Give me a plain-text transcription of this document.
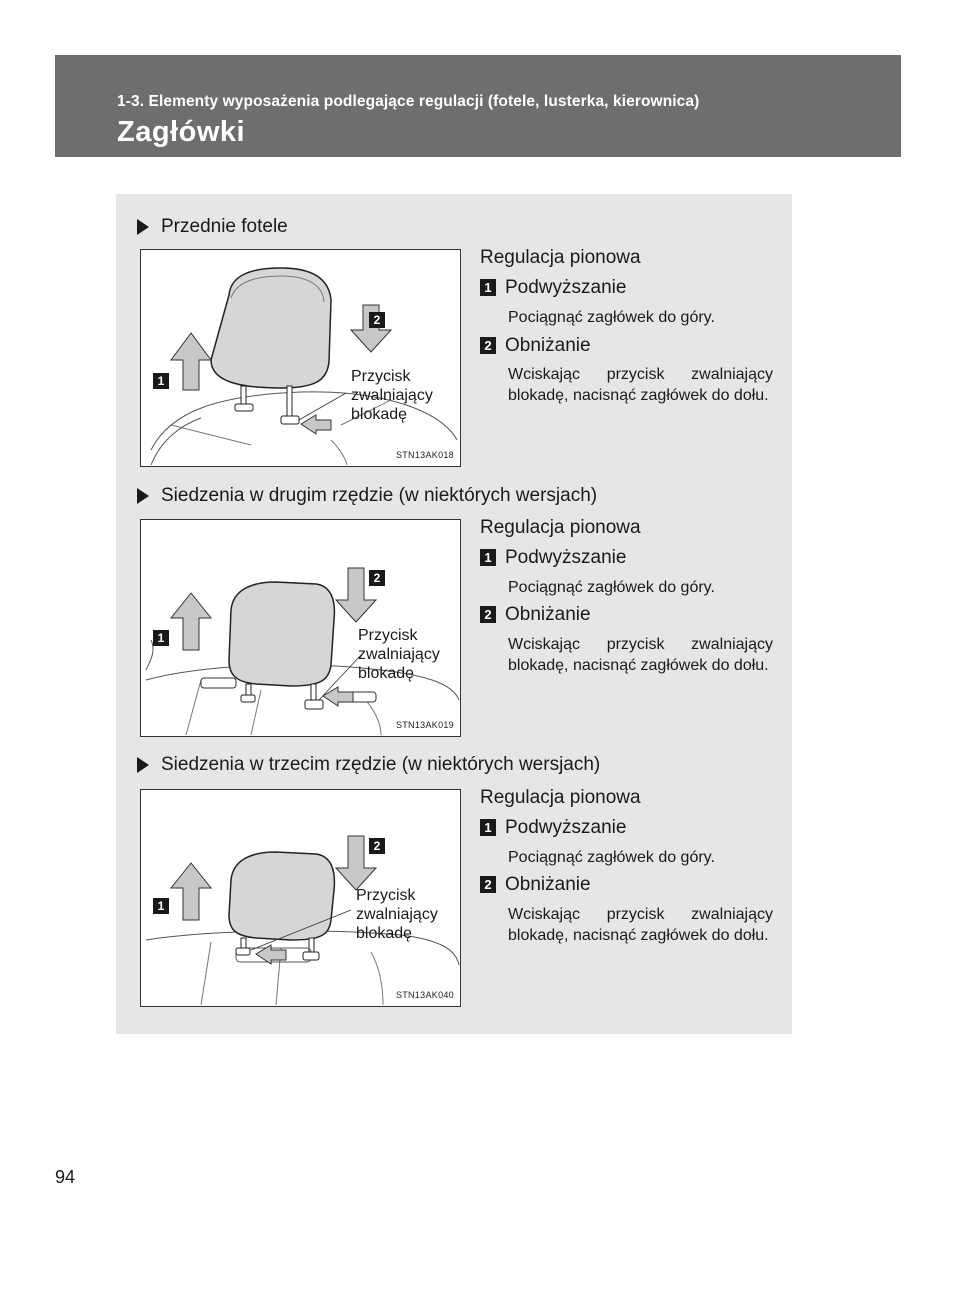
1-3. Elementy wyposażenia podlegające regulacji (fotele, lusterka, kierownica)
Zagłówki
Przednie fotele
1
2
Przycisk
zwalniający
blokadę
STN13AK018
Regulacja pionowa
1 Podwyższanie
Pociągnąć zagłówek do góry.
2 Obniżanie
Wciskając przycisk zwalniający blokadę, nacisnąć zagłówek do dołu.
Siedzenia w drugim rzędzie (w niektórych wersjach)
1
2
Przycisk
zwalniający
blokadę
STN13AK019
Regulacja pionowa
1 Podwyższanie
Pociągnąć zagłówek do góry.
2 Obniżanie
Wciskając przycisk zwalniający blokadę, nacisnąć zagłówek do dołu.
Siedzenia w trzecim rzędzie (w niektórych wersjach)
1
2
Przycisk
zwalniający
blokadę
STN13AK040
Regulacja pionowa
1 Podwyższanie
Pociągnąć zagłówek do góry.
2 Obniżanie
Wciskając przycisk zwalniający blokadę, nacisnąć zagłówek do dołu.
94
